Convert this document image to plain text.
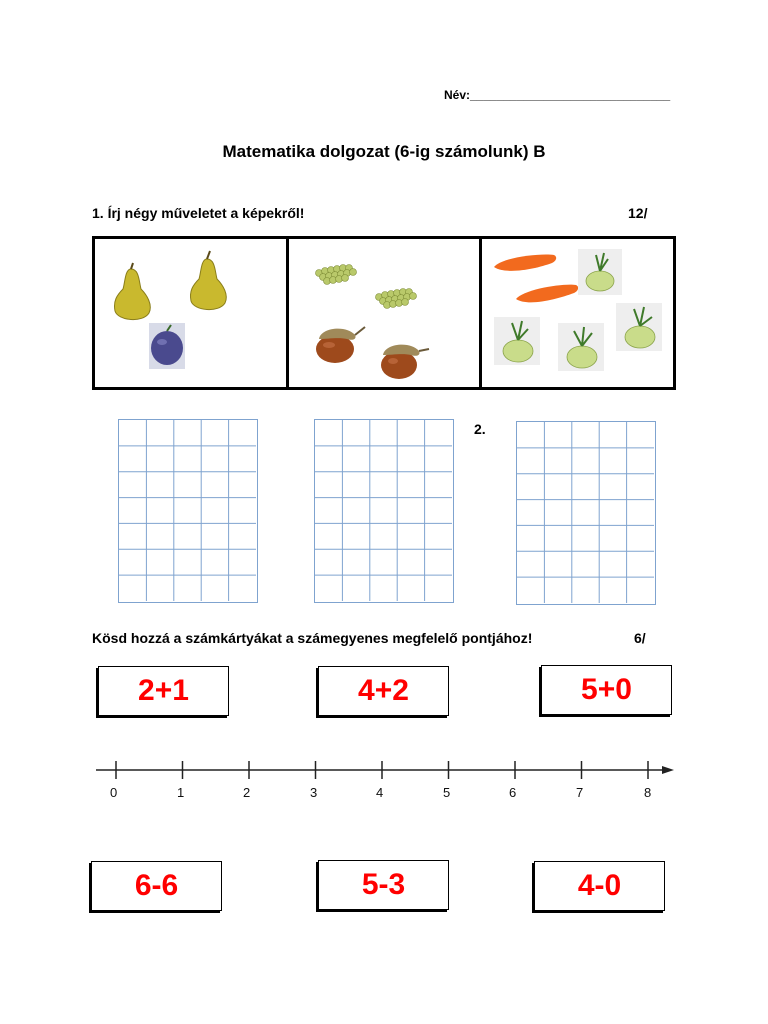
Név:______________________________
Matematika dolgozat (6-ig számolunk) B
1. Írj négy műveletet a képekről!	12/
2.
Kösd hozzá a számkártyákat a számegyenes megfelelő pontjához!	6/
2+1	4+2	5+0
0	1	2	3	4	5	6	7	8
6-6	5-3	4-0
